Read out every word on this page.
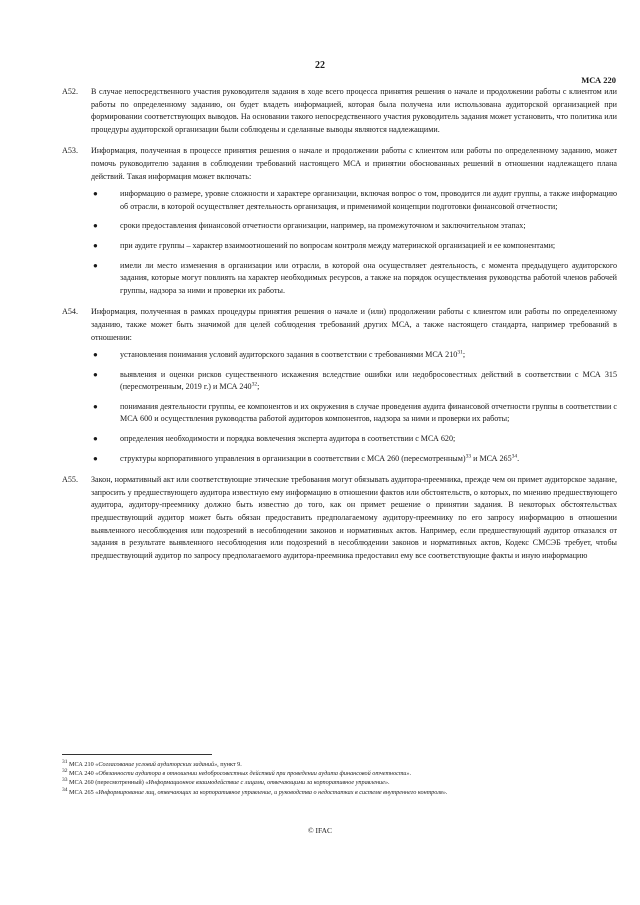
22
МСА 220
A52. В случае непосредственного участия руководителя задания в ходе всего процесса принятия решения о начале и продолжении работы с клиентом или работы по определенному заданию, он будет владеть информацией, которая была получена или использована аудиторской организацией при формировании соответствующих выводов. На основании такого непосредственного участия руководитель задания может установить, что политика или процедуры аудиторской организации были соблюдены и сделанные выводы являются надлежащими.
A53. Информация, полученная в процессе принятия решения о начале и продолжении работы с клиентом или работы по определенному заданию, может помочь руководителю задания в соблюдении требований настоящего МСА и принятии обоснованных решений в отношении надлежащего плана действий. Такая информация может включать:
●	информацию о размере, уровне сложности и характере организации, включая вопрос о том, проводится ли аудит группы, а также информацию об отрасли, в которой осуществляет деятельность организация, и применимой концепции подготовки финансовой отчетности;
●	сроки предоставления финансовой отчетности организации, например, на промежуточном и заключительном этапах;
●	при аудите группы – характер взаимоотношений по вопросам контроля между материнской организацией и ее компонентами;
●	имели ли место изменения в организации или отрасли, в которой она осуществляет деятельность, с момента предыдущего аудиторского задания, которые могут повлиять на характер необходимых ресурсов, а также на порядок осуществления руководства работой членов рабочей группы, надзора за ними и проверки их работы.
A54. Информация, полученная в рамках процедуры принятия решения о начале и (или) продолжении работы с клиентом или работы по определенному заданию, также может быть значимой для целей соблюдения требований других МСА, а также настоящего стандарта, например требований в отношении:
●	установления понимания условий аудиторского задания в соответствии с требованиями МСА $210^{31}$;
●	выявления и оценки рисков существенного искажения вследствие ошибки или недобросовестных действий в соответствии с МСА 315 (пересмотренным, 2019 г.) и МСА $240^{32}$;
●	понимания деятельности группы, ее компонентов и их окружения в случае проведения аудита финансовой отчетности группы в соответствии с МСА 600 и осуществления руководства работой аудиторов компонентов, надзора за ними и проверки их работы;
●	определения необходимости и порядка вовлечения эксперта аудитора в соответствии с МСА 620;
●	структуры корпоративного управления в организации в соответствии с МСА 260 (пересмотренным)$^{33}$ и МСА $265^{34}$.
A55. Закон, нормативный акт или соответствующие этические требования могут обязывать аудитора-преемника, прежде чем он примет аудиторское задание, запросить у предшествующего аудитора известную ему информацию в отношении фактов или обстоятельств, о которых, по мнению предшествующего аудитора, аудитору-преемнику должно быть известно до того, как он примет решение о принятии задания. В некоторых обстоятельствах предшествующий аудитор может быть обязан предоставить предполагаемому аудитору-преемнику по его запросу информацию в отношении выявленного несоблюдения или подозрений в несоблюдении законов и нормативных актов. Например, если предшествующий аудитор отказался от задания в результате выявленного несоблюдения или подозрений в несоблюдении законов и нормативных актов, Кодекс СМСЭБ требует, чтобы предшествующий аудитор по запросу предполагаемого аудитора-преемника предоставил ему все соответствующие факты и иную информацию
$^{31}$ МСА 210 «Согласование условий аудиторских заданий», пункт 9.
$^{32}$ МСА 240 «Обязанности аудитора в отношении недобросовестных действий при проведении аудита финансовой отчетности».
$^{33}$ МСА 260 (пересмотренный) «Информационное взаимодействие с лицами, отвечающими за корпоративное управление».
$^{34}$ МСА 265 «Информирование лиц, отвечающих за корпоративное управление, и руководства о недостатках в системе внутреннего контроля».
© IFAC
